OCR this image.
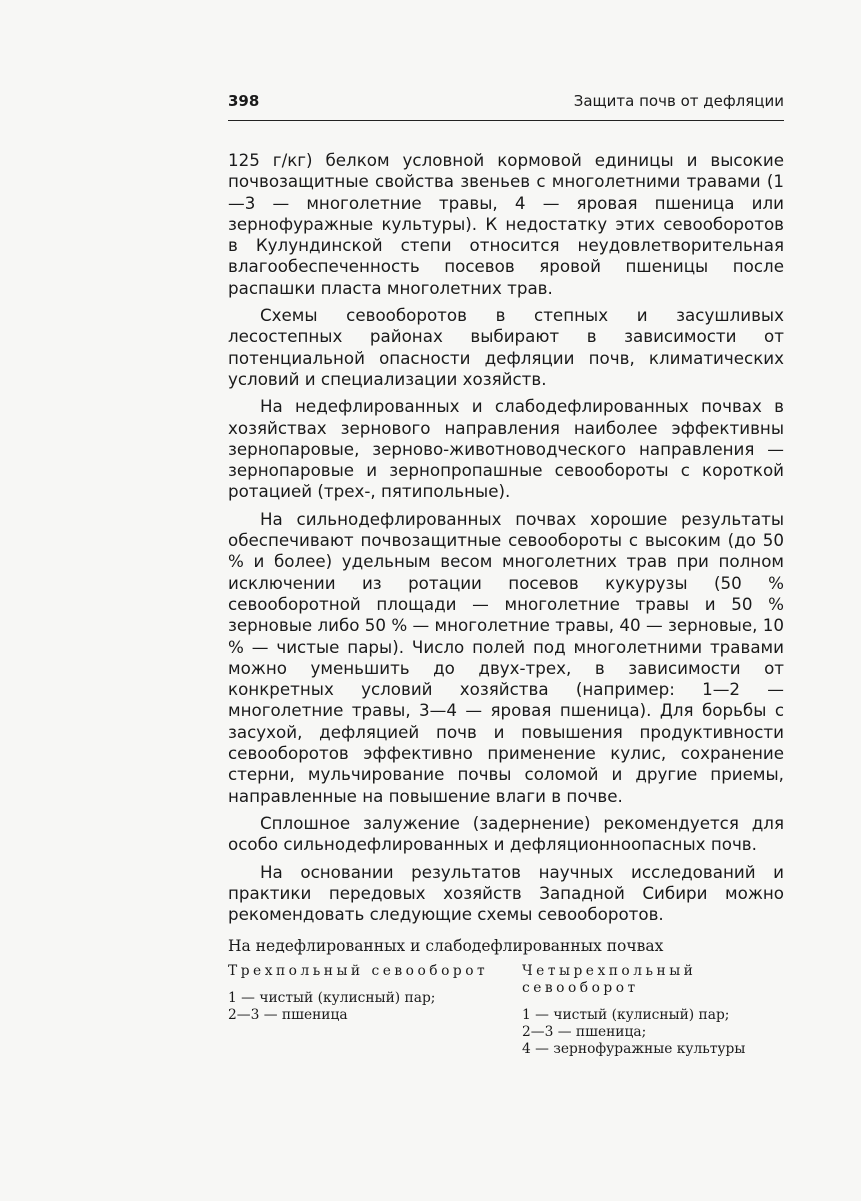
398	Защита почв от дефляции

125 г/кг) белком условной кормовой единицы и высокие почвозащитные свойства звеньев с многолетними травами (1—3 — многолетние травы, 4 — яровая пшеница или зернофуражные культуры). К недостатку этих севооборотов в Кулундинской степи относится неудовлетворительная влагообеспеченность посевов яровой пшеницы после распашки пласта многолетних трав.

Схемы севооборотов в степных и засушливых лесостепных районах выбирают в зависимости от потенциальной опасности дефляции почв, климатических условий и специализации хозяйств.

На недефлированных и слабодефлированных почвах в хозяйствах зернового направления наиболее эффективны зернопаровые, зерново-животноводческого направления — зернопаровые и зернопропашные севообороты с короткой ротацией (трех-, пятипольные).

На сильнодефлированных почвах хорошие результаты обеспечивают почвозащитные севообороты с высоким (до 50 % и более) удельным весом многолетних трав при полном исключении из ротации посевов кукурузы (50 % севооборотной площади — многолетние травы и 50 % зерновые либо 50 % — многолетние травы, 40 — зерновые, 10 % — чистые пары). Число полей под многолетними травами можно уменьшить до двух-трех, в зависимости от конкретных условий хозяйства (например: 1—2 — многолетние травы, 3—4 — яровая пшеница). Для борьбы с засухой, дефляцией почв и повышения продуктивности севооборотов эффективно применение кулис, сохранение стерни, мульчирование почвы соломой и другие приемы, направленные на повышение влаги в почве.

Сплошное залужение (задернение) рекомендуется для особо сильнодефлированных и дефляционноопасных почв.

На основании результатов научных исследований и практики передовых хозяйств Западной Сибири можно рекомендовать следующие схемы севооборотов.

На недефлированных и слабодефлированных почвах
Трехпольный севооборот
1 — чистый (кулисный) пар;
2—3 — пшеница
Четырехпольный севооборот
1 — чистый (кулисный) пар;
2—3 — пшеница;
4 — зернофуражные культуры
